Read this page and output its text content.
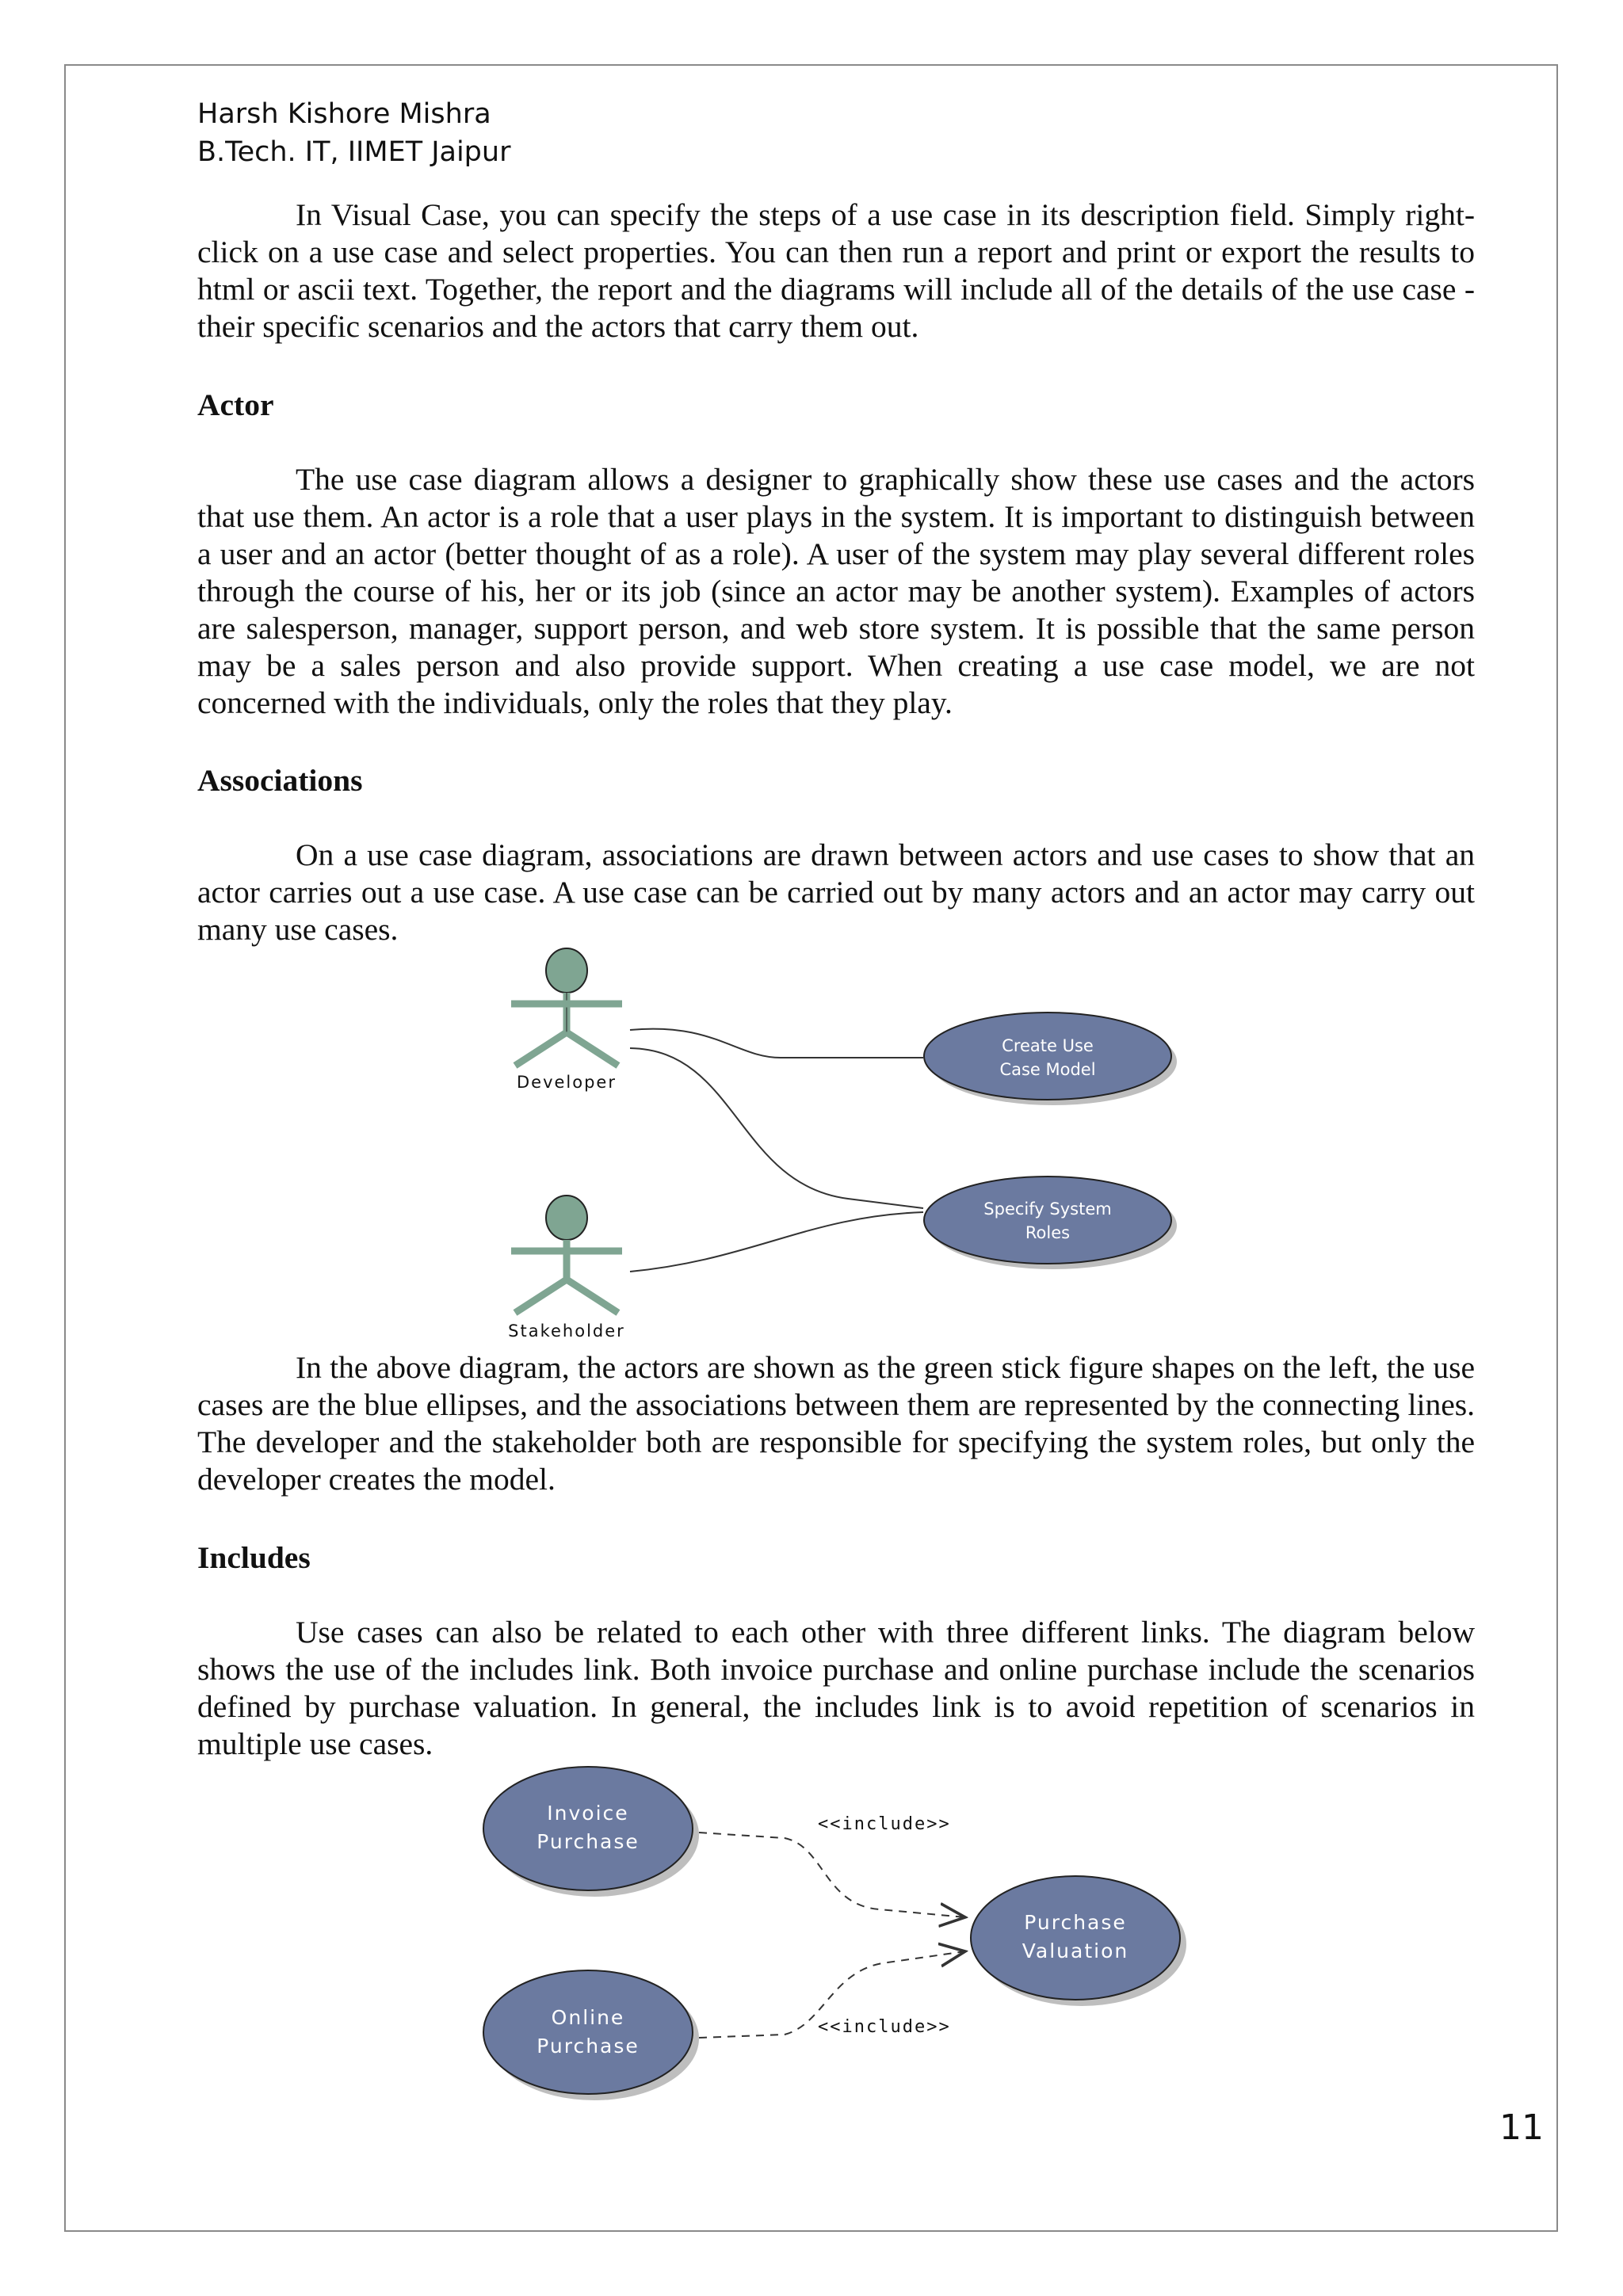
Harsh Kishore Mishra
B.Tech. IT, IIMET Jaipur

In Visual Case, you can specify the steps of a use case in its description field. Simply right-click on a use case and select properties. You can then run a report and print or export the results to html or ascii text. Together, the report and the diagrams will include all of the details of the use case - their specific scenarios and the actors that carry them out.

Actor

The use case diagram allows a designer to graphically show these use cases and the actors that use them. An actor is a role that a user plays in the system. It is important to distinguish between a user and an actor (better thought of as a role). A user of the system may play several different roles through the course of his, her or its job (since an actor may be another system). Examples of actors are salesperson, manager, support person, and web store system. It is possible that the same person may be a sales person and also provide support. When creating a use case model, we are not concerned with the individuals, only the roles that they play.

Associations

On a use case diagram, associations are drawn between actors and use cases to show that an actor carries out a use case. A use case can be carried out by many actors and an actor may carry out many use cases.

Developer
Stakeholder
Create Use
Case Model
Specify System
Roles

In the above diagram, the actors are shown as the green stick figure shapes on the left, the use cases are the blue ellipses, and the associations between them are represented by the connecting lines. The developer and the stakeholder both are responsible for specifying the system roles, but only the developer creates the model.

Includes

Use cases can also be related to each other with three different links. The diagram below shows the use of the includes link. Both invoice purchase and online purchase include the scenarios defined by purchase valuation. In general, the includes link is to avoid repetition of scenarios in multiple use cases.

<<include>>
<<include>>
Invoice
Purchase
Online
Purchase
Purchase
Valuation
11
